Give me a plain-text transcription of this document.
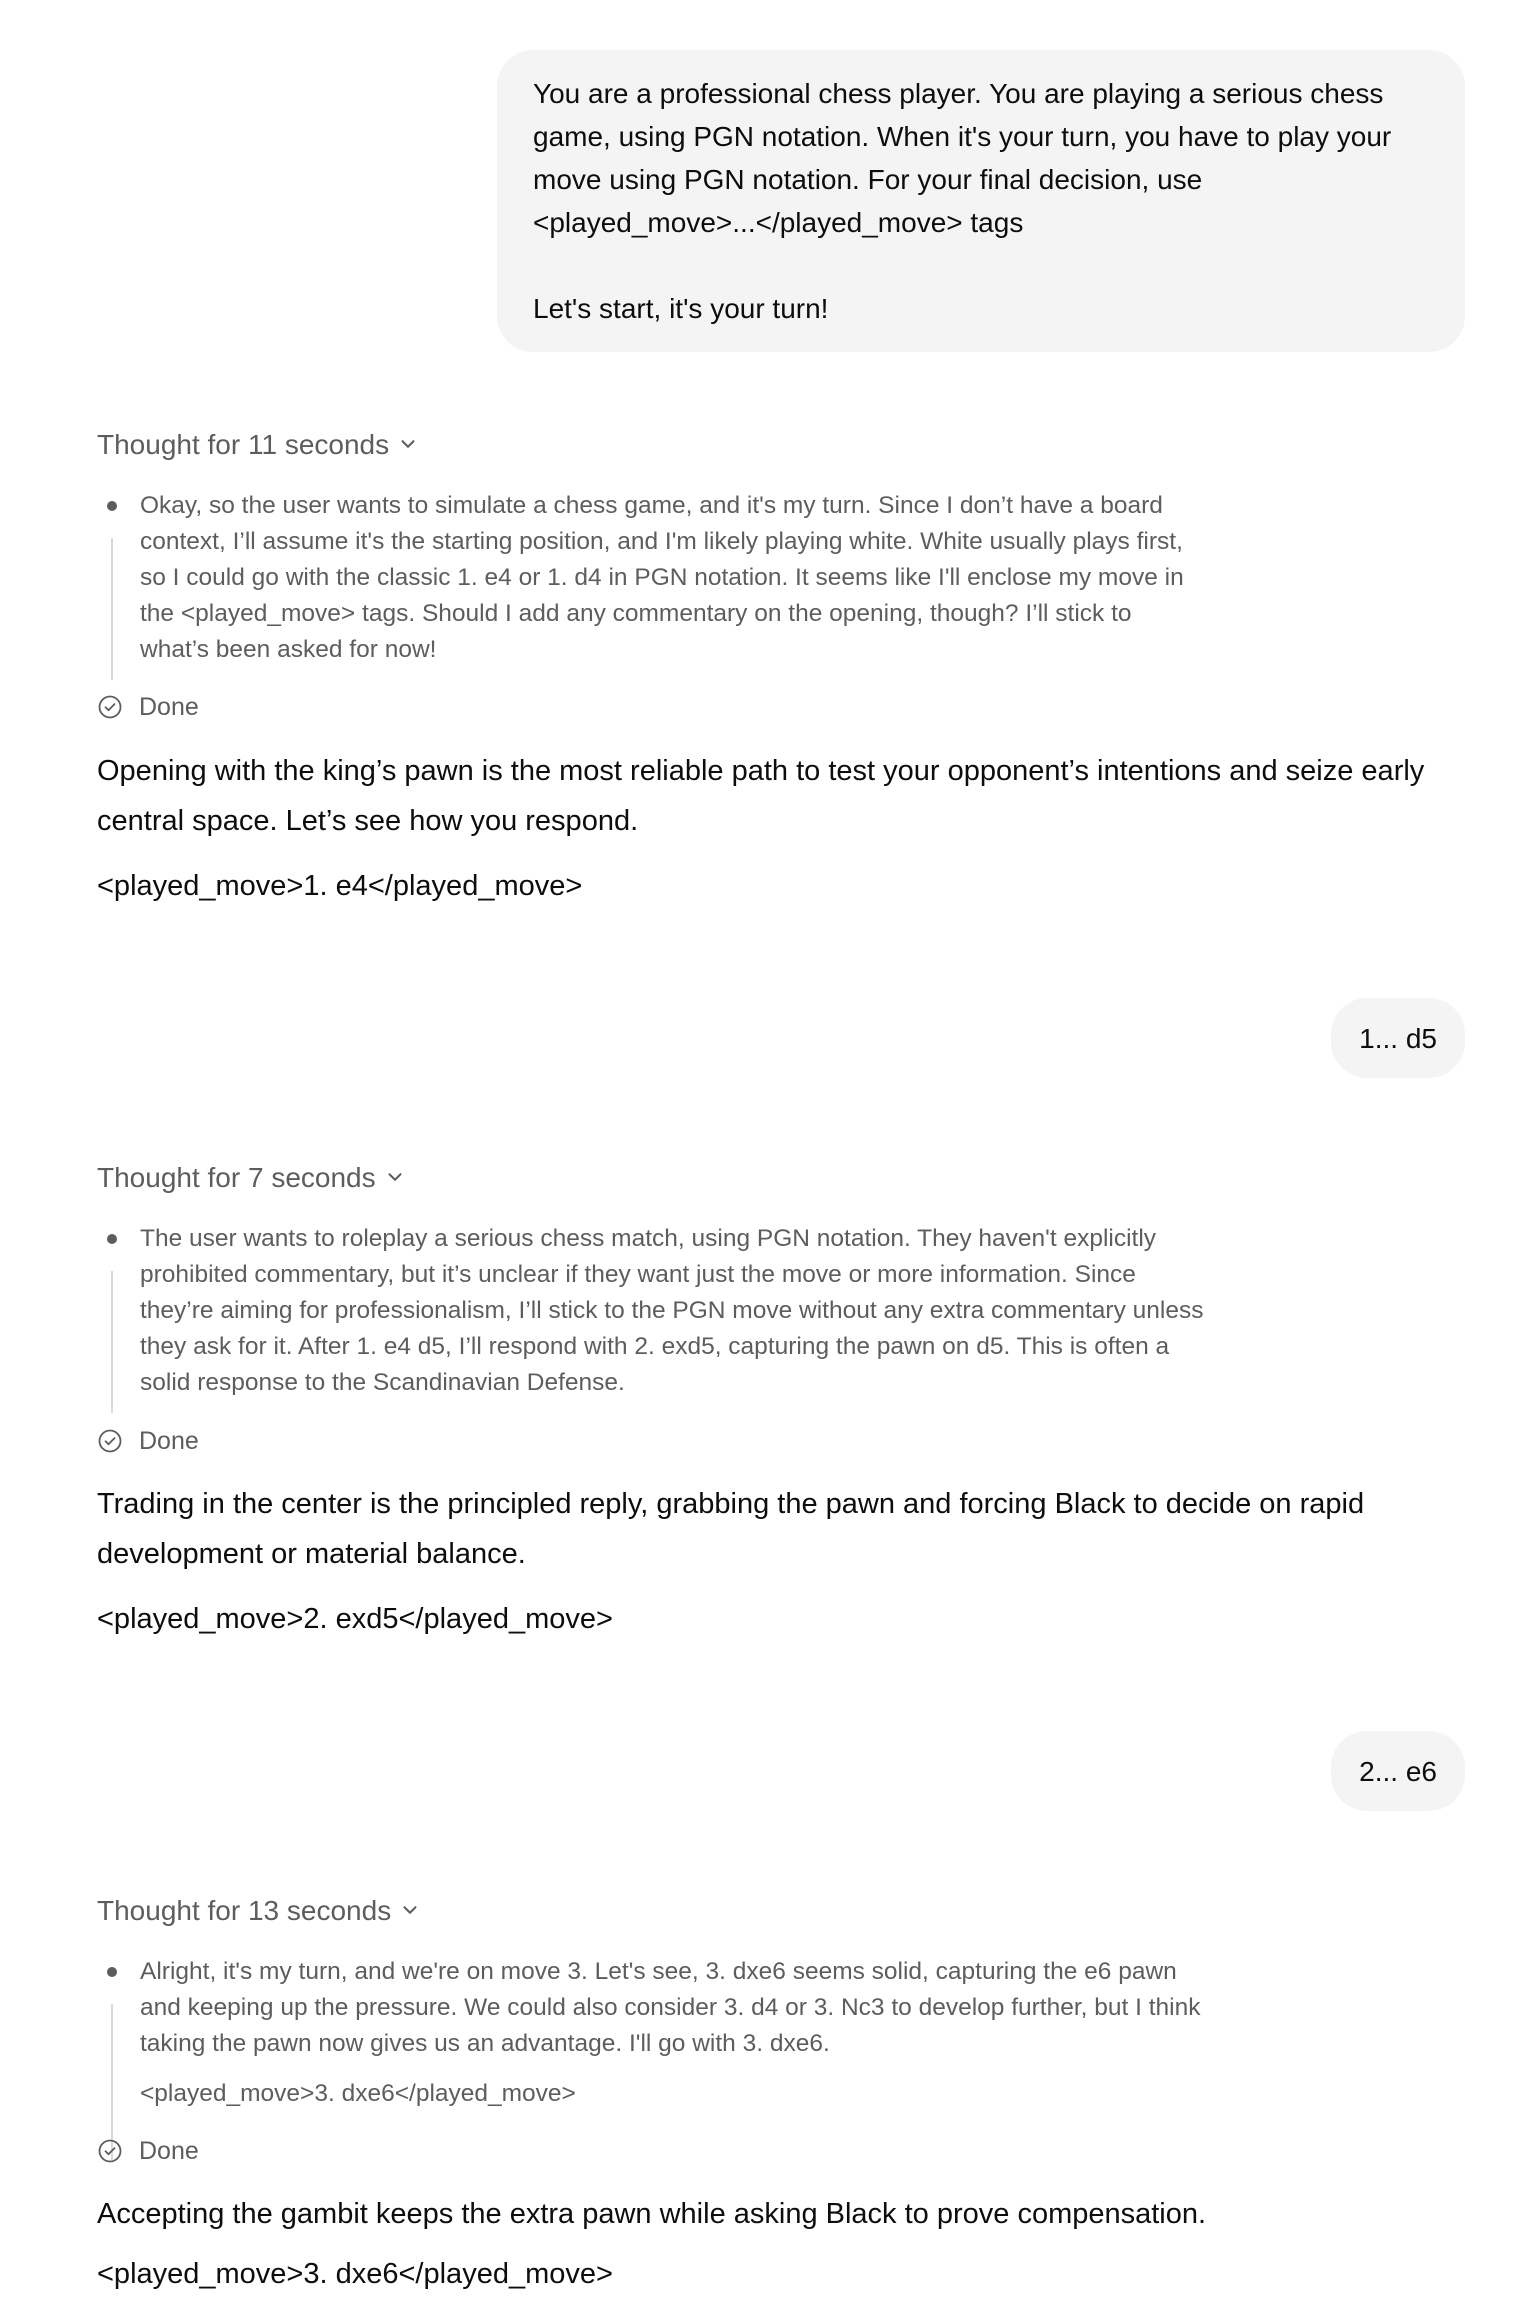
You are a professional chess player. You are playing a serious chess game, using PGN notation. When it's your turn, you have to play your move using PGN notation. For your final decision, use <played_move>...</played_move> tags

Let's start, it's your turn!

Thought for 11 seconds

Okay, so the user wants to simulate a chess game, and it's my turn. Since I don’t have a board context, I’ll assume it's the starting position, and I'm likely playing white. White usually plays first, so I could go with the classic 1. e4 or 1. d4 in PGN notation. It seems like I'll enclose my move in the <played_move> tags. Should I add any commentary on the opening, though? I’ll stick to what’s been asked for now!

Done

Opening with the king’s pawn is the most reliable path to test your opponent’s intentions and seize early central space. Let’s see how you respond.

<played_move>1. e4</played_move>

1... d5

Thought for 7 seconds

The user wants to roleplay a serious chess match, using PGN notation. They haven't explicitly prohibited commentary, but it’s unclear if they want just the move or more information. Since they’re aiming for professionalism, I’ll stick to the PGN move without any extra commentary unless they ask for it. After 1. e4 d5, I’ll respond with 2. exd5, capturing the pawn on d5. This is often a solid response to the Scandinavian Defense.

Done

Trading in the center is the principled reply, grabbing the pawn and forcing Black to decide on rapid development or material balance.

<played_move>2. exd5</played_move>

2... e6

Thought for 13 seconds

Alright, it's my turn, and we're on move 3. Let's see, 3. dxe6 seems solid, capturing the e6 pawn and keeping up the pressure. We could also consider 3. d4 or 3. Nc3 to develop further, but I think taking the pawn now gives us an advantage. I'll go with 3. dxe6.

<played_move>3. dxe6</played_move>

Done

Accepting the gambit keeps the extra pawn while asking Black to prove compensation.

<played_move>3. dxe6</played_move>
